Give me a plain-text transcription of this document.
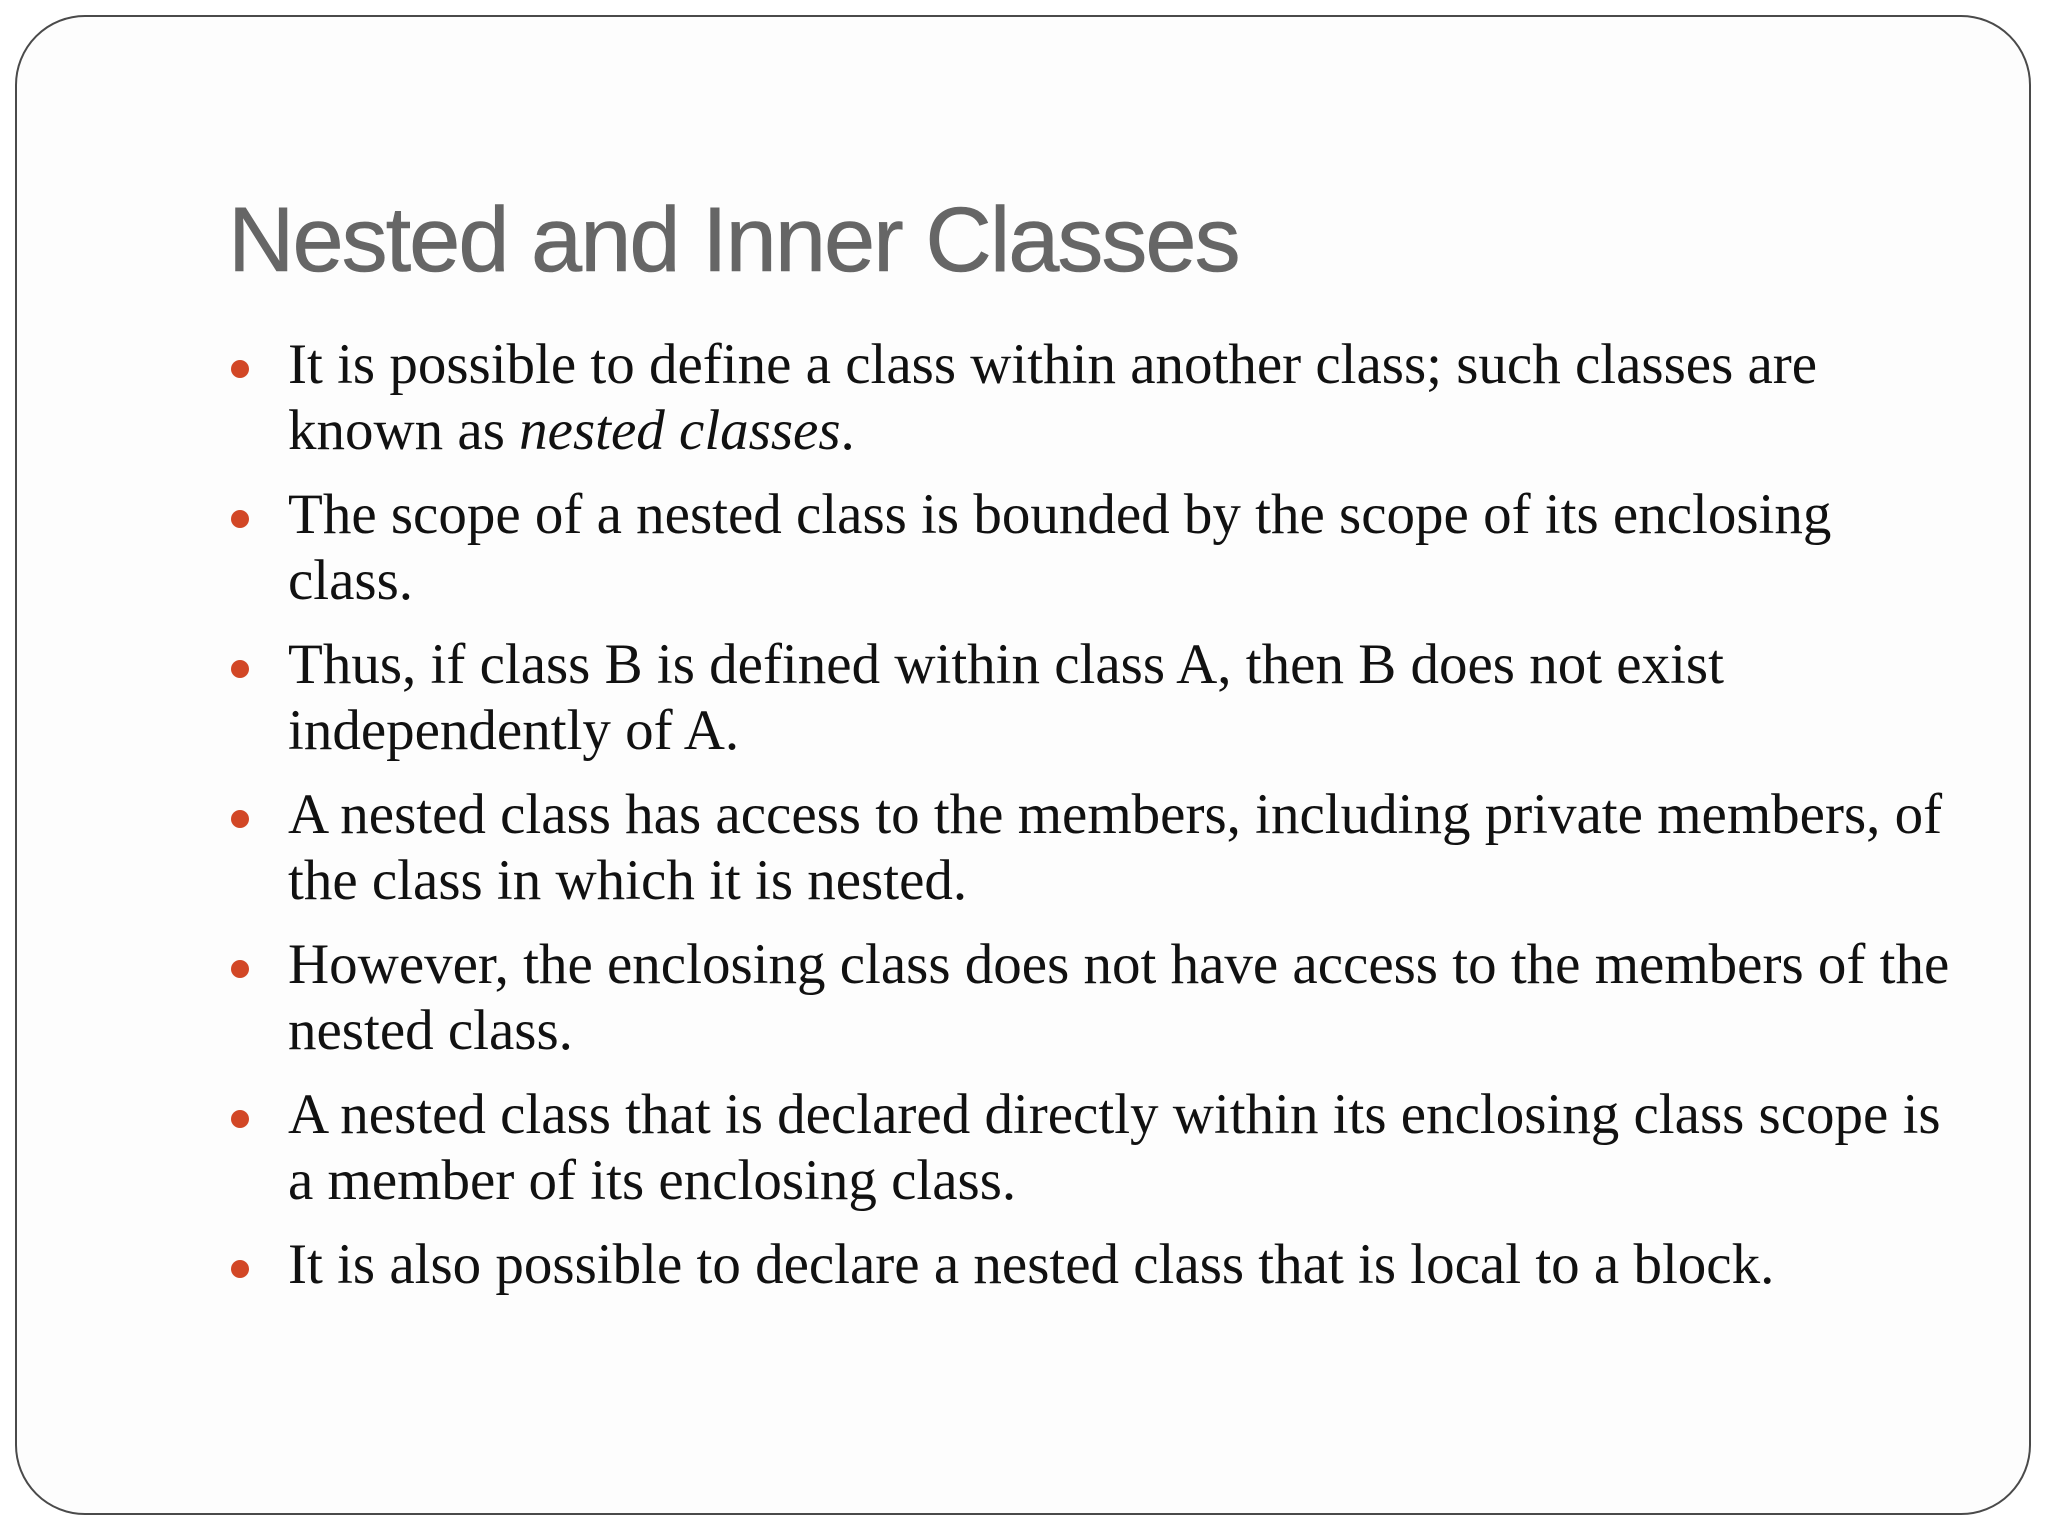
Nested and Inner Classes
It is possible to define a class within another class; such classes are known as nested classes.
The scope of a nested class is bounded by the scope of its enclosing class.
Thus, if class B is defined within class A, then B does not exist independently of A.
A nested class has access to the members, including private members, of the class in which it is nested.
However, the enclosing class does not have access to the members of the nested class.
A nested class that is declared directly within its enclosing class scope is a member of its enclosing class.
It is also possible to declare a nested class that is local to a block.
